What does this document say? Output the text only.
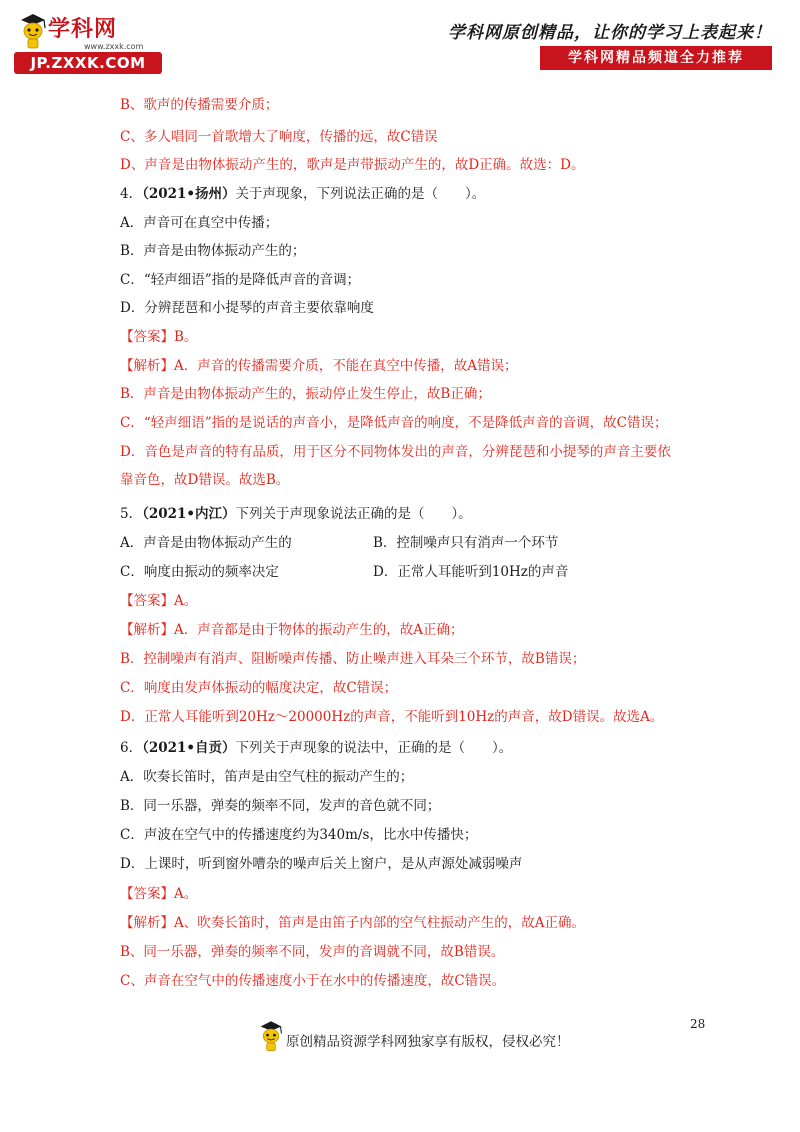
学科网
www.zxxk.com
JP.ZXXK.COM
学科网原创精品，让你的学习上表起来！
学科网精品频道全力推荐
B、歌声的传播需要介质；
C、多人唱同一首歌增大了响度，传播的远，故C错误
D、声音是由物体振动产生的，歌声是声带振动产生的，故D正确。故选：D。
4．（2021•扬州）关于声现象，下列说法正确的是（　　）。
A．声音可在真空中传播；
B．声音是由物体振动产生的；
C．“轻声细语”指的是降低声音的音调；
D．分辨琵琶和小提琴的声音主要依靠响度
【答案】B。
【解析】A．声音的传播需要介质，不能在真空中传播，故A错误；
B．声音是由物体振动产生的，振动停止发生停止，故B正确；
C．“轻声细语”指的是说话的声音小，是降低声音的响度，不是降低声音的音调，故C错误；
D．音色是声音的特有品质，用于区分不同物体发出的声音，分辨琵琶和小提琴的声音主要依
靠音色，故D错误。故选B。
5．（2021•内江）下列关于声现象说法正确的是（　　）。
A．声音是由物体振动产生的	B．控制噪声只有消声一个环节
C．响度由振动的频率决定	D．正常人耳能听到10Hz的声音
【答案】A。
【解析】A．声音都是由于物体的振动产生的，故A正确；
B．控制噪声有消声、阻断噪声传播、防止噪声进入耳朵三个环节，故B错误；
C．响度由发声体振动的幅度决定，故C错误；
D．正常人耳能听到20Hz～20000Hz的声音，不能听到10Hz的声音，故D错误。故选A。
6．（2021•自贡）下列关于声现象的说法中，正确的是（　　）。
A．吹奏长笛时，笛声是由空气柱的振动产生的；
B．同一乐器，弹奏的频率不同，发声的音色就不同；
C．声波在空气中的传播速度约为340m/s，比水中传播快；
D．上课时，听到窗外嘈杂的噪声后关上窗户，是从声源处减弱噪声
【答案】A。
【解析】A、吹奏长笛时，笛声是由笛子内部的空气柱振动产生的，故A正确。
B、同一乐器，弹奏的频率不同，发声的音调就不同，故B错误。
C、声音在空气中的传播速度小于在水中的传播速度，故C错误。
28
原创精品资源学科网独家享有版权，侵权必究！
